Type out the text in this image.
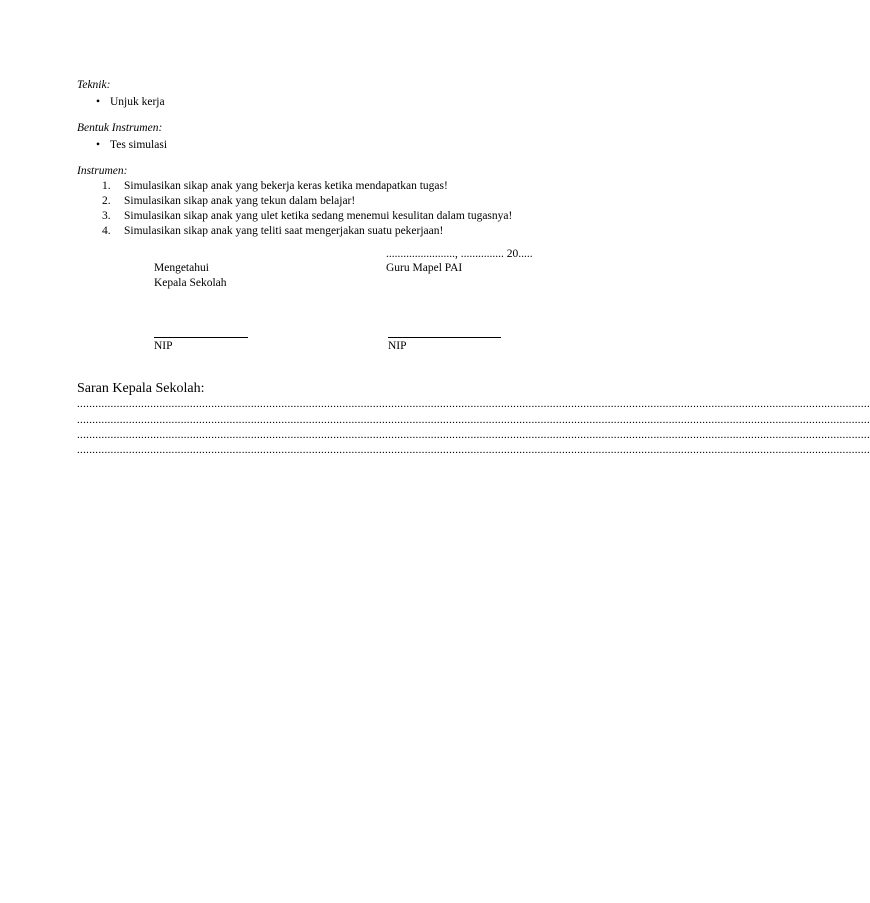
Teknik:
• Unjuk kerja
Bentuk Instrumen:
• Tes simulasi
Instrumen:
1. Simulasikan sikap anak yang bekerja keras ketika mendapatkan tugas!
2. Simulasikan sikap anak yang tekun dalam belajar!
3. Simulasikan sikap anak yang ulet ketika sedang menemui kesulitan dalam tugasnya!
4. Simulasikan sikap anak yang teliti saat mengerjakan suatu pekerjaan!
........................, ............... 20.....
Mengetahui	Guru Mapel PAI
Kepala Sekolah
NIP	NIP
Saran Kepala Sekolah:
....................................................................................................................................................................................................................................................................
....................................................................................................................................................................................................................................................................
....................................................................................................................................................................................................................................................................
....................................................................................................................................................................................................................................................................
